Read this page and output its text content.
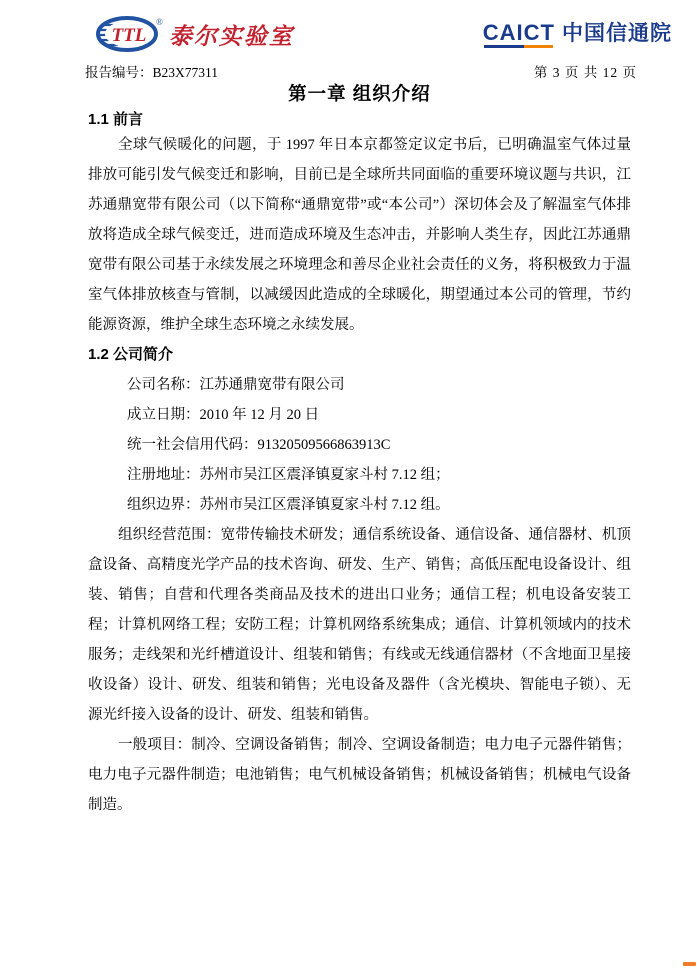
TTL
®
泰尔实验室	CAICT 中国信通院
报告编号：B23X77311	第 3 页 共 12 页
第一章 组织介绍
1.1 前言

全球气候暖化的问题，于 1997 年日本京都签定议定书后，已明确温室气体过量排放可能引发气候变迁和影响，目前已是全球所共同面临的重要环境议题与共识，江苏通鼎宽带有限公司（以下简称“通鼎宽带”或“本公司”）深切体会及了解温室气体排放将造成全球气候变迁，进而造成环境及生态冲击，并影响人类生存，因此江苏通鼎宽带有限公司基于永续发展之环境理念和善尽企业社会责任的义务，将积极致力于温室气体排放核查与管制，以减缓因此造成的全球暖化，期望通过本公司的管理，节约能源资源，维护全球生态环境之永续发展。

1.2 公司简介

公司名称：江苏通鼎宽带有限公司

成立日期：2010 年 12 月 20 日

统一社会信用代码：91320509566863913C

注册地址：苏州市吴江区震泽镇夏家斗村 7.12 组；

组织边界：苏州市吴江区震泽镇夏家斗村 7.12 组。

组织经营范围：宽带传输技术研发；通信系统设备、通信设备、通信器材、机顶盒设备、高精度光学产品的技术咨询、研发、生产、销售；高低压配电设备设计、组装、销售；自营和代理各类商品及技术的进出口业务；通信工程；机电设备安装工程；计算机网络工程；安防工程；计算机网络系统集成；通信、计算机领域内的技术服务；走线架和光纤槽道设计、组装和销售；有线或无线通信器材（不含地面卫星接收设备）设计、研发、组装和销售；光电设备及器件（含光模块、智能电子锁）、无源光纤接入设备的设计、研发、组装和销售。

一般项目：制冷、空调设备销售；制冷、空调设备制造；电力电子元器件销售；电力电子元器件制造；电池销售；电气机械设备销售；机械设备销售；机械电气设备制造。
